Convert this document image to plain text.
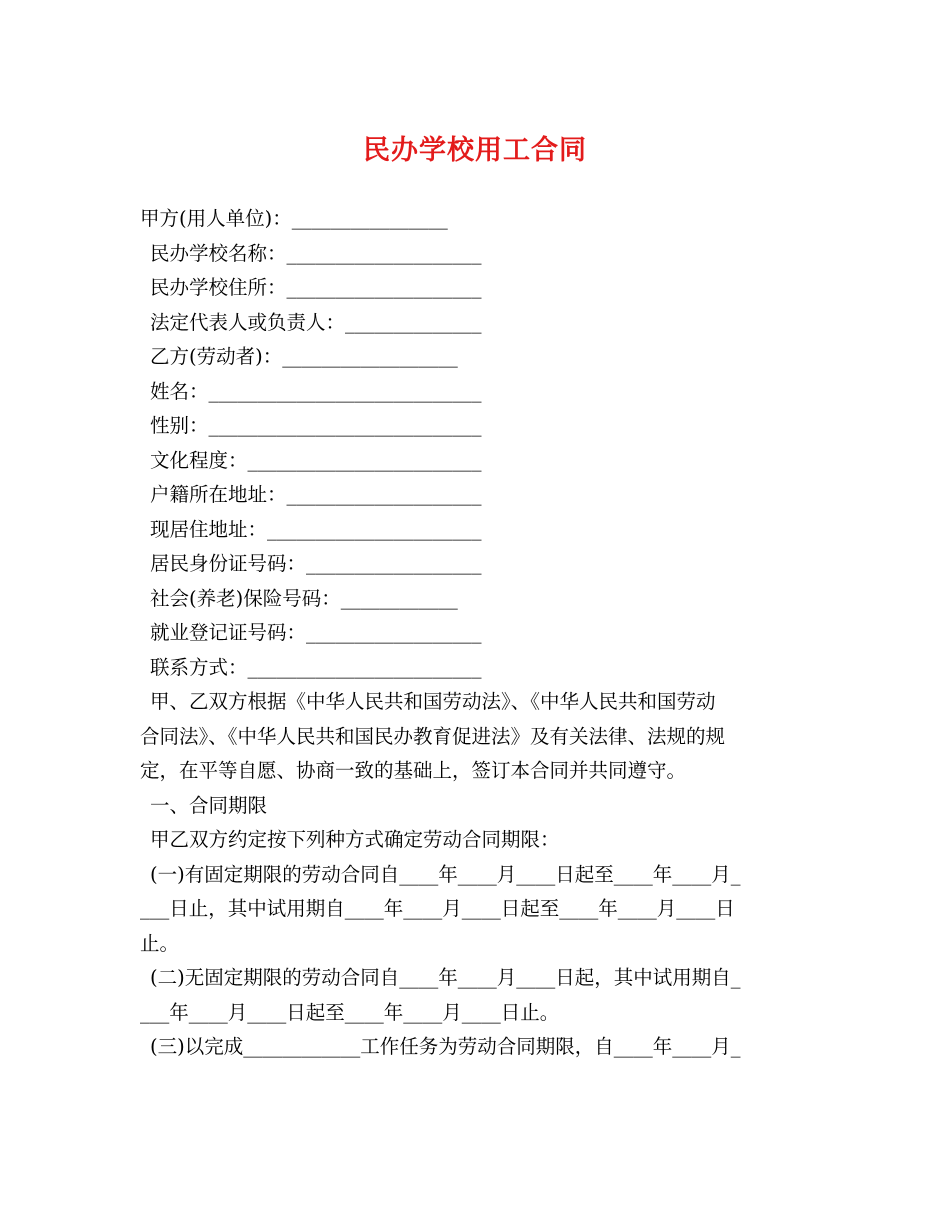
民办学校用工合同
甲方(用人单位)：________________
民办学校名称：____________________
民办学校住所：____________________
法定代表人或负责人：______________
乙方(劳动者)：__________________
姓名：____________________________
性别：____________________________
文化程度：________________________
户籍所在地址：____________________
现居住地址：______________________
居民身份证号码：__________________
社会(养老)保险号码：____________
就业登记证号码：__________________
联系方式：________________________
甲、乙双方根据《中华人民共和国劳动法》、《中华人民共和国劳动
合同法》、《中华人民共和国民办教育促进法》及有关法律、法规的规
定，在平等自愿、协商一致的基础上，签订本合同并共同遵守。
一、合同期限
甲乙双方约定按下列种方式确定劳动合同期限：
(一)有固定期限的劳动合同自____年____月____日起至____年____月_
___日止，其中试用期自____年____月____日起至____年____月____日
止。
(二)无固定期限的劳动合同自____年____月____日起，其中试用期自_
___年____月____日起至____年____月____日止。
(三)以完成____________工作任务为劳动合同期限，自____年____月_
